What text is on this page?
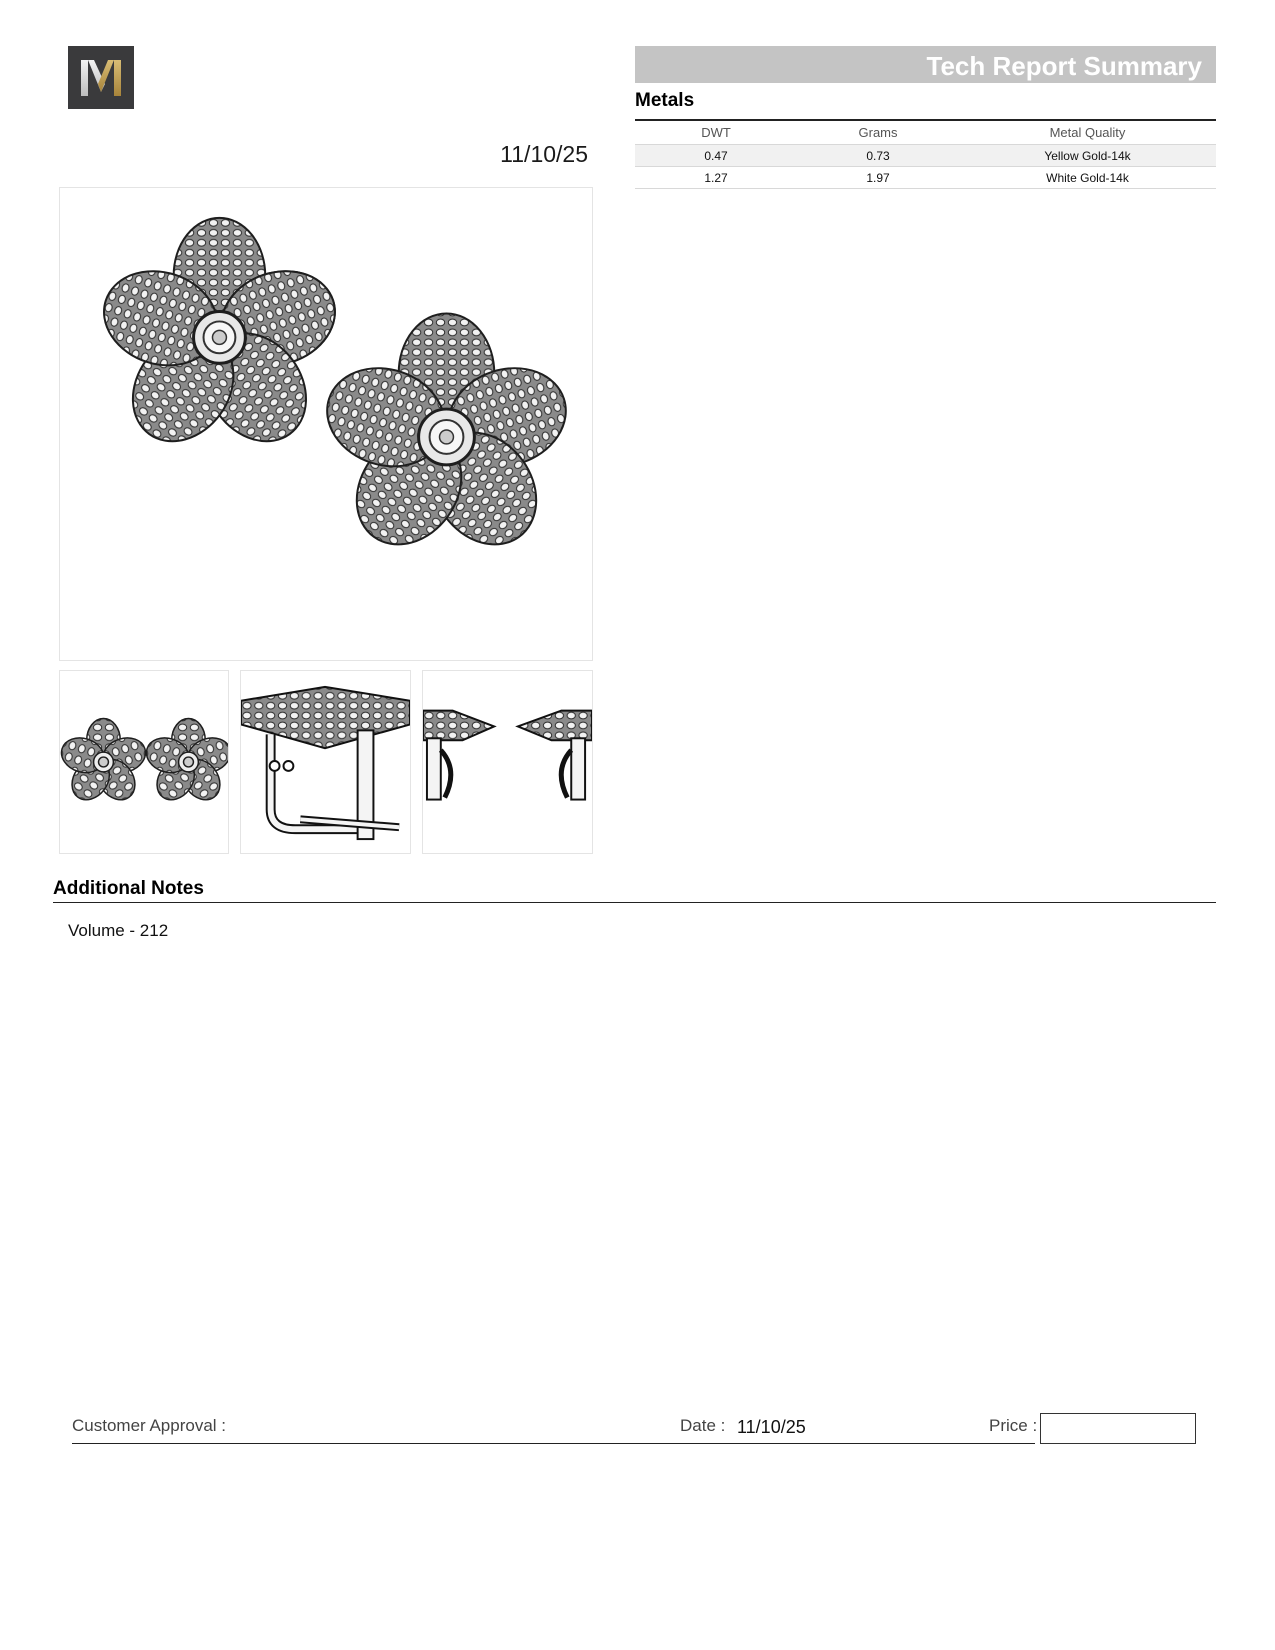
11/10/25
Tech Report Summary
Metals
DWT	Grams	Metal Quality
0.47	0.73	Yellow Gold-14k
1.27	1.97	White Gold-14k
Additional Notes
Volume - 212
Customer Approval :	Date : 11/10/25	Price :
